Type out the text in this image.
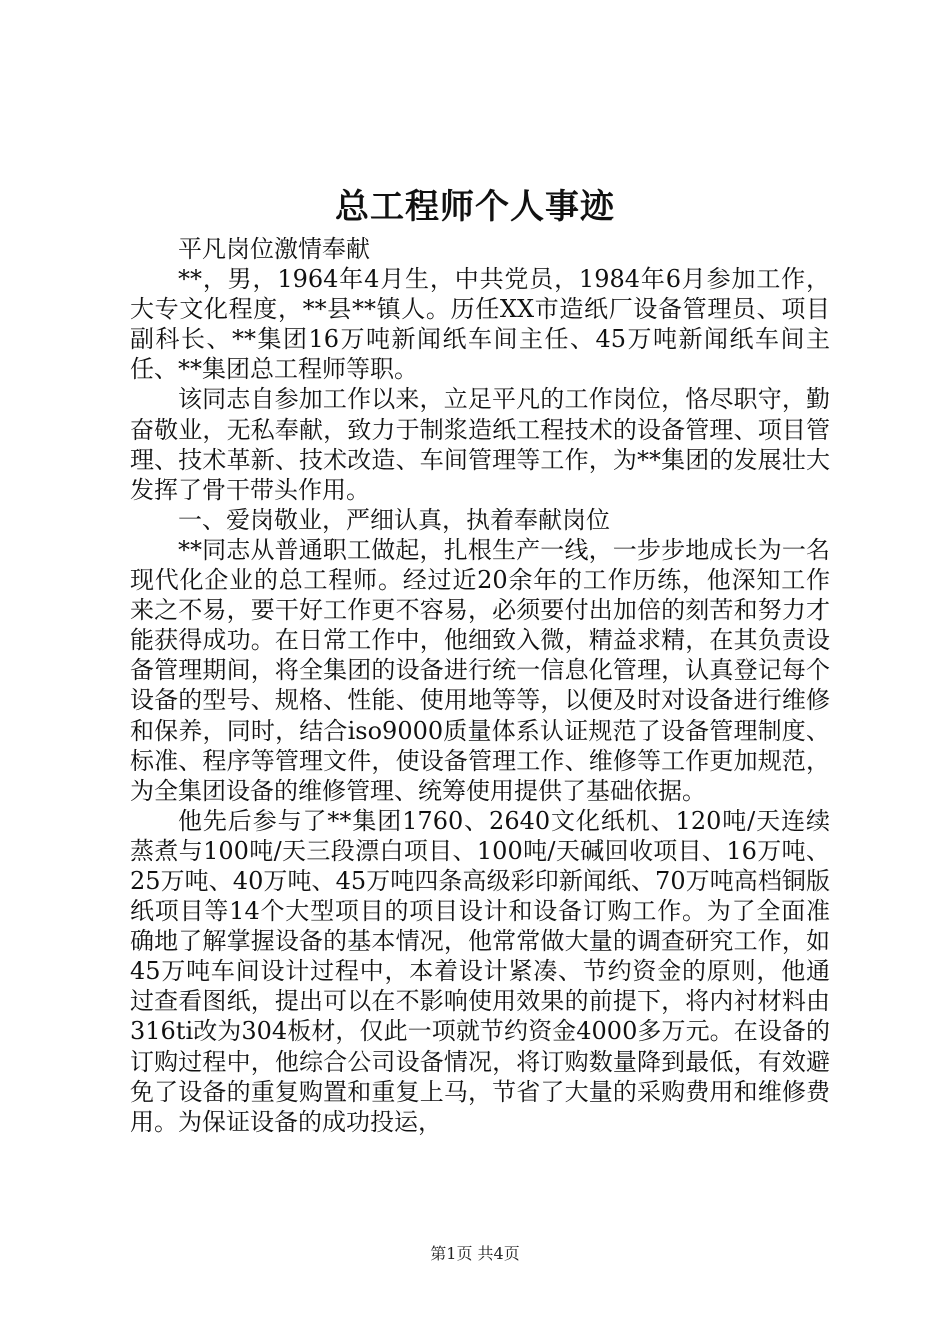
总工程师个人事迹

平凡岗位激情奉献

**，男，1964年4月生，中共党员，1984年6月参加工作，大专文化程度，**县**镇人。历任XX市造纸厂设备管理员、项目副科长、**集团16万吨新闻纸车间主任、45万吨新闻纸车间主任、**集团总工程师等职。

该同志自参加工作以来，立足平凡的工作岗位，恪尽职守，勤奋敬业，无私奉献，致力于制浆造纸工程技术的设备管理、项目管理、技术革新、技术改造、车间管理等工作，为**集团的发展壮大发挥了骨干带头作用。

一、爱岗敬业，严细认真，执着奉献岗位

**同志从普通职工做起，扎根生产一线，一步步地成长为一名现代化企业的总工程师。经过近20余年的工作历练，他深知工作来之不易，要干好工作更不容易，必须要付出加倍的刻苦和努力才能获得成功。在日常工作中，他细致入微，精益求精，在其负责设备管理期间，将全集团的设备进行统一信息化管理，认真登记每个设备的型号、规格、性能、使用地等等，以便及时对设备进行维修和保养，同时，结合iso9000质量体系认证规范了设备管理制度、标准、程序等管理文件，使设备管理工作、维修等工作更加规范，为全集团设备的维修管理、统筹使用提供了基础依据。

他先后参与了**集团1760、2640文化纸机、120吨/天连续蒸煮与100吨/天三段漂白项目、100吨/天碱回收项目、16万吨、25万吨、40万吨、45万吨四条高级彩印新闻纸、70万吨高档铜版纸项目等14个大型项目的项目设计和设备订购工作。为了全面准确地了解掌握设备的基本情况，他常常做大量的调查研究工作，如45万吨车间设计过程中，本着设计紧凑、节约资金的原则，他通过查看图纸，提出可以在不影响使用效果的前提下，将内衬材料由316ti改为304板材，仅此一项就节约资金4000多万元。在设备的订购过程中，他综合公司设备情况，将订购数量降到最低，有效避免了设备的重复购置和重复上马，节省了大量的采购费用和维修费用。为保证设备的成功投运，

第1页 共4页
